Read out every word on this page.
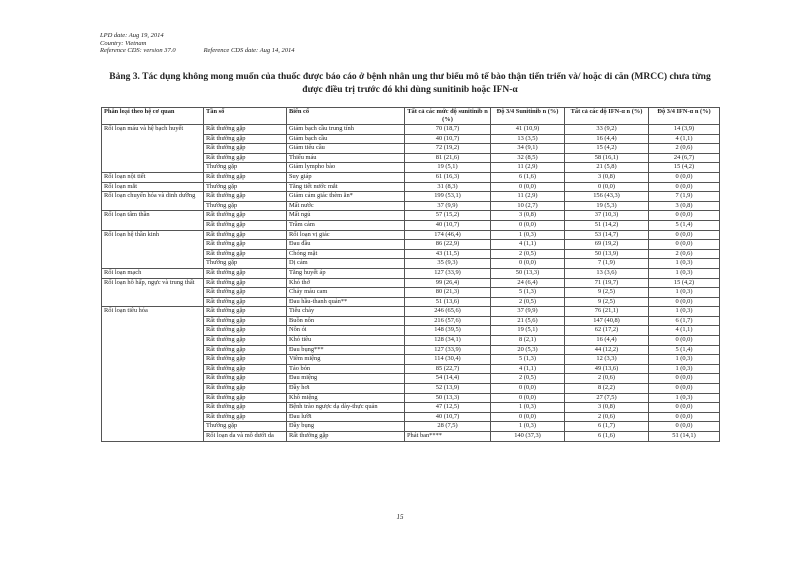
LPD date: Aug 19, 2014
Country: Vietnam
Reference CDS: version 37.0	Reference CDS date: Aug 14, 2014
Bảng 3. Tác dụng không mong muốn của thuốc được báo cáo ở bệnh nhân ung thư biểu mô tế bào thận tiến triển và/ hoặc di căn (MRCC) chưa từng được điều trị trước đó khi dùng sunitinib hoặc IFN-α
Phân loại theo hệ cơ quan	Tần số	Biến cố	Tất cả các mức độ sunitinib n (%)	Độ 3/4 Sunitinib n (%)	Tất cả các độ IFN-α n (%)	Độ 3/4 IFN-α n (%)	
Rối loạn máu và hệ bạch huyết	Rất thường gặp	Giảm bạch cầu trung tính	70 (18,7)	41 (10,9)	33 (9,2)	14 (3,9)	
	Rất thường gặp	Giảm bạch cầu	40 (10,7)	13 (3,5)	16 (4,4)	4 (1,1)	
	Rất thường gặp	Giảm tiểu cầu	72 (19,2)	34 (9,1)	15 (4,2)	2 (0,6)	
	Rất thường gặp	Thiếu máu	81 (21,6)	32 (8,5)	58 (16,1)	24 (6,7)	
	Thường gặp	Giảm lympho bào	19 (5,1)	11 (2,9)	21 (5,8)	15 (4,2)	
Rối loạn nội tiết	Rất thường gặp	Suy giáp	61 (16,3)	6 (1,6)	3 (0,8)	0 (0,0)	
Rối loạn mắt	Thường gặp	Tăng tiết nước mắt	31 (8,3)	0 (0,0)	0 (0,0)	0 (0,0)	
Rối loạn chuyển hóa và dinh dưỡng	Rất thường gặp	Giảm cảm giác thèm ăn*	199 (53,1)	11 (2,9)	156 (43,3)	7 (1,9)	
	Thường gặp	Mất nước	37 (9,9)	10 (2,7)	19 (5,3)	3 (0,8)	
Rối loạn tâm thần	Rất thường gặp	Mất ngủ	57 (15,2)	3 (0,8)	37 (10,3)	0 (0,0)	
	Rất thường gặp	Trầm cảm	40 (10,7)	0 (0,0)	51 (14,2)	5 (1,4)	
Rối loạn hệ thần kinh	Rất thường gặp	Rối loạn vị giác	174 (46,4)	1 (0,3)	53 (14,7)	0 (0,0)	
	Rất thường gặp	Đau đầu	86 (22,9)	4 (1,1)	69 (19,2)	0 (0,0)	
	Rất thường gặp	Chóng mặt	43 (11,5)	2 (0,5)	50 (13,9)	2 (0,6)	
	Thường gặp	Dị cảm	35 (9,3)	0 (0,0)	7 (1,9)	1 (0,3)	
Rối loạn mạch	Rất thường gặp	Tăng huyết áp	127 (33,9)	50 (13,3)	13 (3,6)	1 (0,3)	
Rối loạn hô hấp, ngực và trung thất	Rất thường gặp	Khó thở	99 (26,4)	24 (6,4)	71 (19,7)	15 (4,2)	
	Rất thường gặp	Chảy máu cam	80 (21,3)	5 (1,3)	9 (2,5)	1 (0,3)	
	Rất thường gặp	Đau hầu-thanh quản**	51 (13,6)	2 (0,5)	9 (2,5)	0 (0,0)	
Rối loạn tiêu hóa	Rất thường gặp	Tiêu chảy	246 (65,6)	37 (9,9)	76 (21,1)	1 (0,3)	
	Rất thường gặp	Buồn nôn	216 (57,6)	21 (5,6)	147 (40,8)	6 (1,7)	
	Rất thường gặp	Nôn ói	148 (39,5)	19 (5,1)	62 (17,2)	4 (1,1)	
	Rất thường gặp	Khó tiêu	128 (34,1)	8 (2,1)	16 (4,4)	0 (0,0)	
	Rất thường gặp	Đau bụng***	127 (33,9)	20 (5,3)	44 (12,2)	5 (1,4)	
	Rất thường gặp	Viêm miệng	114 (30,4)	5 (1,3)	12 (3,3)	1 (0,3)	
	Rất thường gặp	Táo bón	85 (22,7)	4 (1,1)	49 (13,6)	1 (0,3)	
	Rất thường gặp	Đau miệng	54 (14,4)	2 (0,5)	2 (0,6)	0 (0,0)	
	Rất thường gặp	Đầy hơi	52 (13,9)	0 (0,0)	8 (2,2)	0 (0,0)	
	Rất thường gặp	Khô miệng	50 (13,3)	0 (0,0)	27 (7,5)	1 (0,3)	
	Rất thường gặp	Bệnh trào ngược dạ dày-thực quản	47 (12,5)	1 (0,3)	3 (0,8)	0 (0,0)	
	Rất thường gặp	Đau lưỡi	40 (10,7)	0 (0,0)	2 (0,6)	0 (0,0)	
	Thường gặp	Đầy bụng	28 (7,5)	1 (0,3)	6 (1,7)	0 (0,0)	
	Rối loạn da và mô dưới da	Rất thường gặp	Phát ban****	140 (37,3)	6 (1,6)	51 (14,1)	
15
